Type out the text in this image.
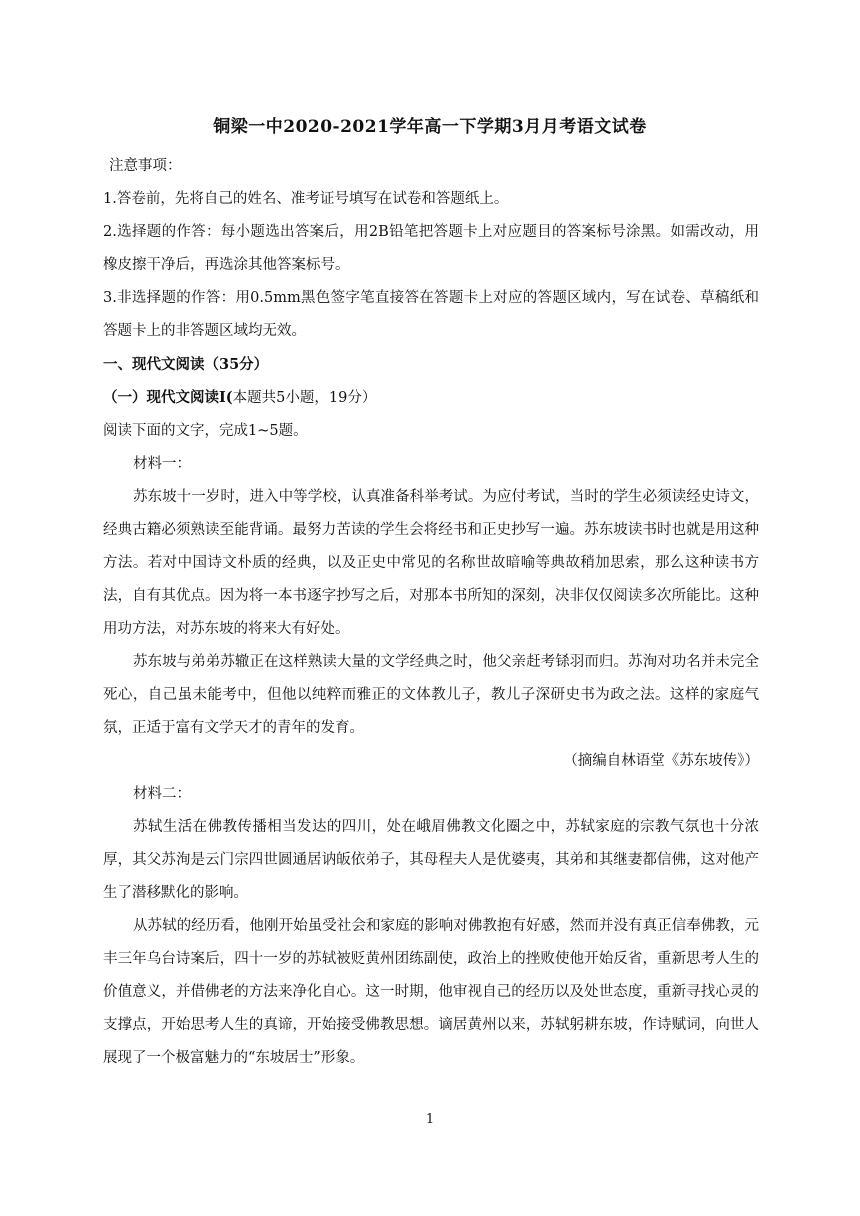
铜梁一中2020-2021学年高一下学期3月月考语文试卷

注意事项：

1.答卷前，先将自己的姓名、准考证号填写在试卷和答题纸上。

2.选择题的作答：每小题选出答案后，用2B铅笔把答题卡上对应题目的答案标号涂黑。如需改动，用橡皮擦干净后，再选涂其他答案标号。

3.非选择题的作答：用0.5mm黑色签字笔直接答在答题卡上对应的答题区域内，写在试卷、草稿纸和答题卡上的非答题区域均无效。

一、现代文阅读（35分）

（一）现代文阅读I(本题共5小题，19分）

阅读下面的文字，完成1~5题。

材料一：

苏东坡十一岁时，进入中等学校，认真准备科举考试。为应付考试，当时的学生必须读经史诗文，经典古籍必须熟读至能背诵。最努力苦读的学生会将经书和正史抄写一遍。苏东坡读书时也就是用这种方法。若对中国诗文朴质的经典，以及正史中常见的名称世故暗喻等典故稍加思索，那么这种读书方法，自有其优点。因为将一本书逐字抄写之后，对那本书所知的深刻，决非仅仅阅读多次所能比。这种用功方法，对苏东坡的将来大有好处。

苏东坡与弟弟苏辙正在这样熟读大量的文学经典之时，他父亲赶考铩羽而归。苏洵对功名并未完全死心，自己虽未能考中，但他以纯粹而雅正的文体教儿子，教儿子深研史书为政之法。这样的家庭气氛，正适于富有文学天才的青年的发育。

（摘编自林语堂《苏东坡传》）

材料二：

苏轼生活在佛教传播相当发达的四川，处在峨眉佛教文化圈之中，苏轼家庭的宗教气氛也十分浓厚，其父苏洵是云门宗四世圆通居讷皈依弟子，其母程夫人是优婆夷，其弟和其继妻都信佛，这对他产生了潜移默化的影响。

从苏轼的经历看，他刚开始虽受社会和家庭的影响对佛教抱有好感，然而并没有真正信奉佛教，元丰三年乌台诗案后，四十一岁的苏轼被贬黄州团练副使，政治上的挫败使他开始反省，重新思考人生的价值意义，并借佛老的方法来净化自心。这一时期，他审视自己的经历以及处世态度，重新寻找心灵的支撑点，开始思考人生的真谛，开始接受佛教思想。谪居黄州以来，苏轼躬耕东坡，作诗赋词，向世人展现了一个极富魅力的“东坡居士”形象。

1
